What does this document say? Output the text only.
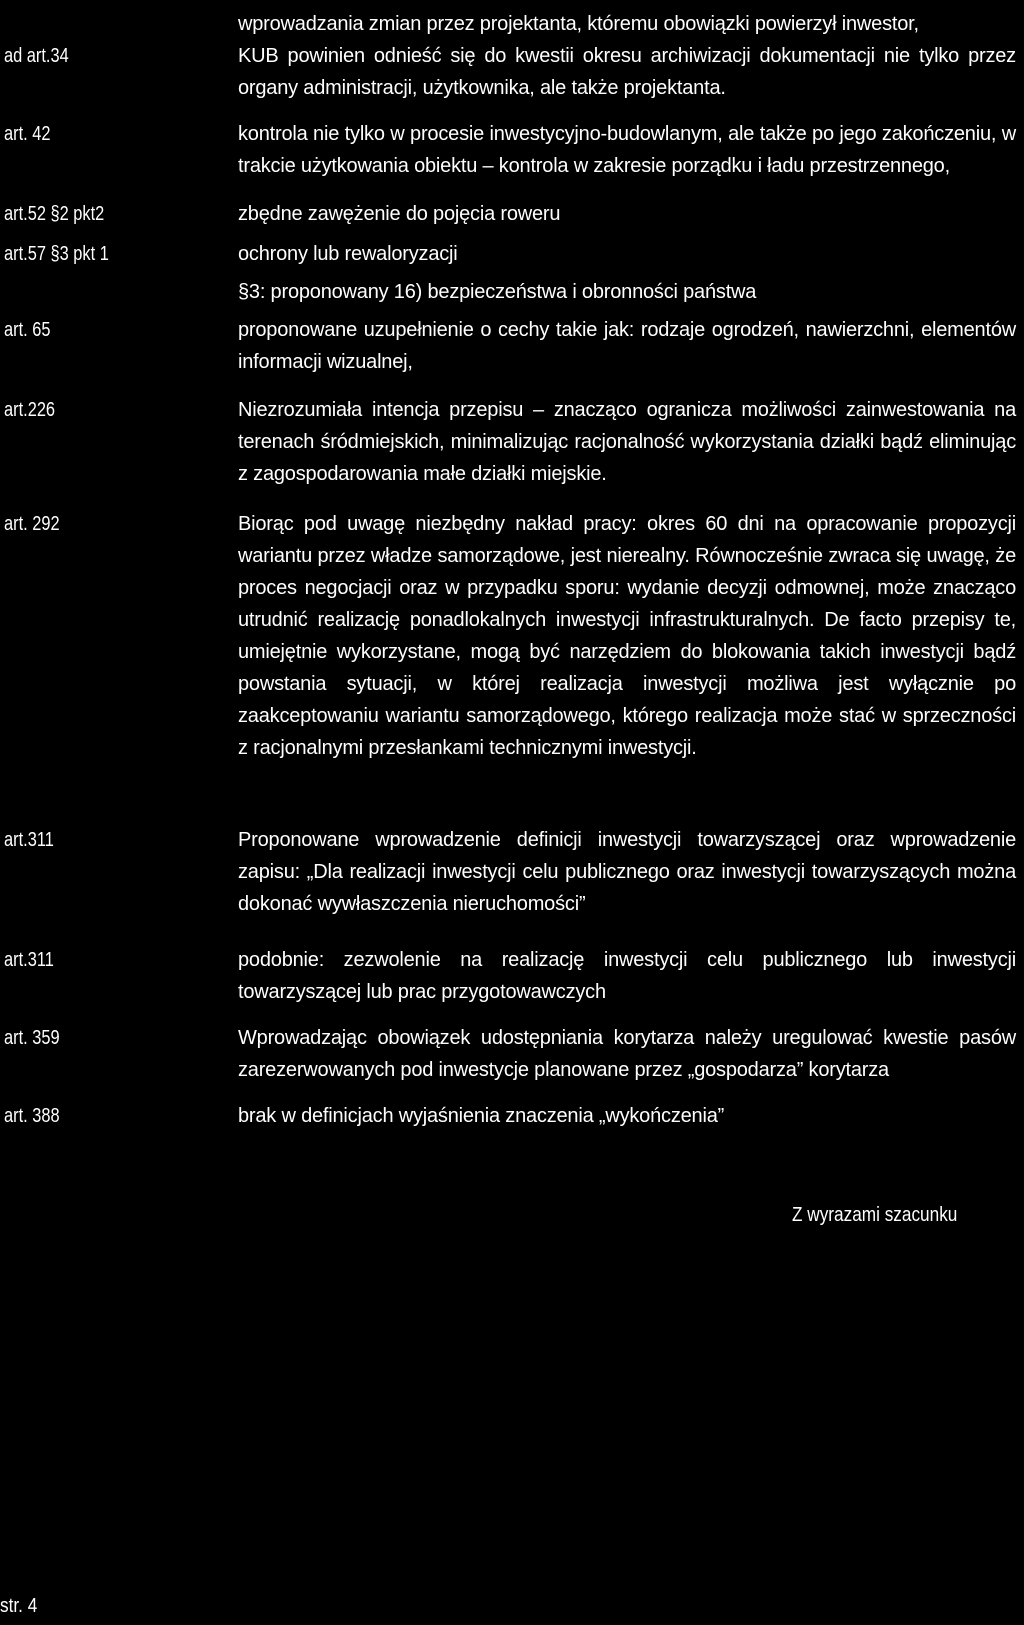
wprowadzania zmian przez projektanta, któremu obowiązki powierzył inwestor,
ad art.34	KUB powinien odnieść się do kwestii okresu archiwizacji dokumentacji nie tylko przez organy administracji, użytkownika, ale także projektanta.
art. 42	kontrola nie tylko w procesie inwestycyjno-budowlanym, ale także po jego zakończeniu, w trakcie użytkowania obiektu – kontrola w zakresie porządku i ładu przestrzennego,
art.52 §2 pkt2	zbędne zawężenie do pojęcia roweru
art.57 §3 pkt 1	ochrony lub rewaloryzacji
§3: proponowany 16) bezpieczeństwa i obronności państwa
art. 65	proponowane uzupełnienie o cechy takie jak: rodzaje ogrodzeń, nawierzchni, elementów informacji wizualnej,
art.226	Niezrozumiała intencja przepisu – znacząco ogranicza możliwości zainwestowania na terenach śródmiejskich, minimalizując racjonalność wykorzystania działki bądź eliminując z zagospodarowania małe działki miejskie.
art. 292	Biorąc pod uwagę niezbędny nakład pracy: okres 60 dni na opracowanie propozycji wariantu przez władze samorządowe, jest nierealny. Równocześnie zwraca się uwagę, że proces negocjacji oraz w przypadku sporu: wydanie decyzji odmownej, może znacząco utrudnić realizację ponadlokalnych inwestycji infrastrukturalnych. De facto przepisy te, umiejętnie wykorzystane, mogą być narzędziem do blokowania takich inwestycji bądź powstania sytuacji, w której realizacja inwestycji możliwa jest wyłącznie po zaakceptowaniu wariantu samorządowego, którego realizacja może stać w sprzeczności z racjonalnymi przesłankami technicznymi inwestycji.
art.311	Proponowane wprowadzenie definicji inwestycji towarzyszącej oraz wprowadzenie zapisu: „Dla realizacji inwestycji celu publicznego oraz inwestycji towarzyszących można dokonać wywłaszczenia nieruchomości”
art.311	podobnie: zezwolenie na realizację inwestycji celu publicznego lub inwestycji towarzyszącej lub prac przygotowawczych
art. 359	Wprowadzając obowiązek udostępniania korytarza należy uregulować kwestie pasów zarezerwowanych pod inwestycje planowane przez „gospodarza” korytarza
art. 388	brak w definicjach wyjaśnienia znaczenia „wykończenia”
Z wyrazami szacunku
str. 4
